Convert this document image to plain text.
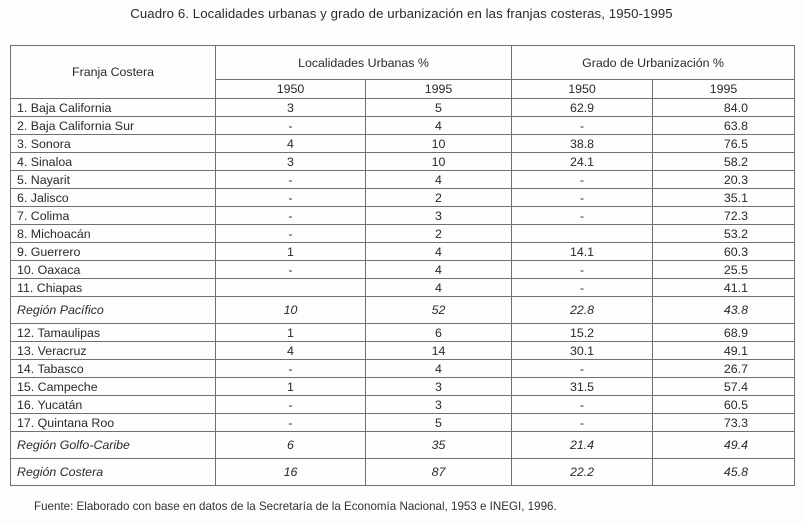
Cuadro 6. Localidades urbanas y grado de urbanización en las franjas costeras, 1950-1995
Franja Costera	Localidades Urbanas %		Grado de Urbanización %	
	1950	1995	1950	1995
1. Baja California	3	5	62.9	84.0
2. Baja California Sur	-	4	-	63.8
3. Sonora	4	10	38.8	76.5
4. Sinaloa	3	10	24.1	58.2
5. Nayarit	-	4	-	20.3
6. Jalisco	-	2	-	35.1
7. Colima	-	3	-	72.3
8. Michoacán	-	2		53.2
9. Guerrero	1	4	14.1	60.3
10. Oaxaca	-	4	-	25.5
11. Chiapas		4	-	41.1
Región Pacífico	10	52	22.8	43.8
12. Tamaulipas	1	6	15.2	68.9
13. Veracruz	4	14	30.1	49.1
14. Tabasco	-	4	-	26.7
15. Campeche	1	3	31.5	57.4
16. Yucatán	-	3	-	60.5
17. Quintana Roo	-	5	-	73.3
Región Golfo-Caribe	6	35	21.4	49.4
Región Costera	16	87	22.2	45.8
Fuente: Elaborado con base en datos de la Secretaría de la Economía Nacional, 1953 e INEGI, 1996.
